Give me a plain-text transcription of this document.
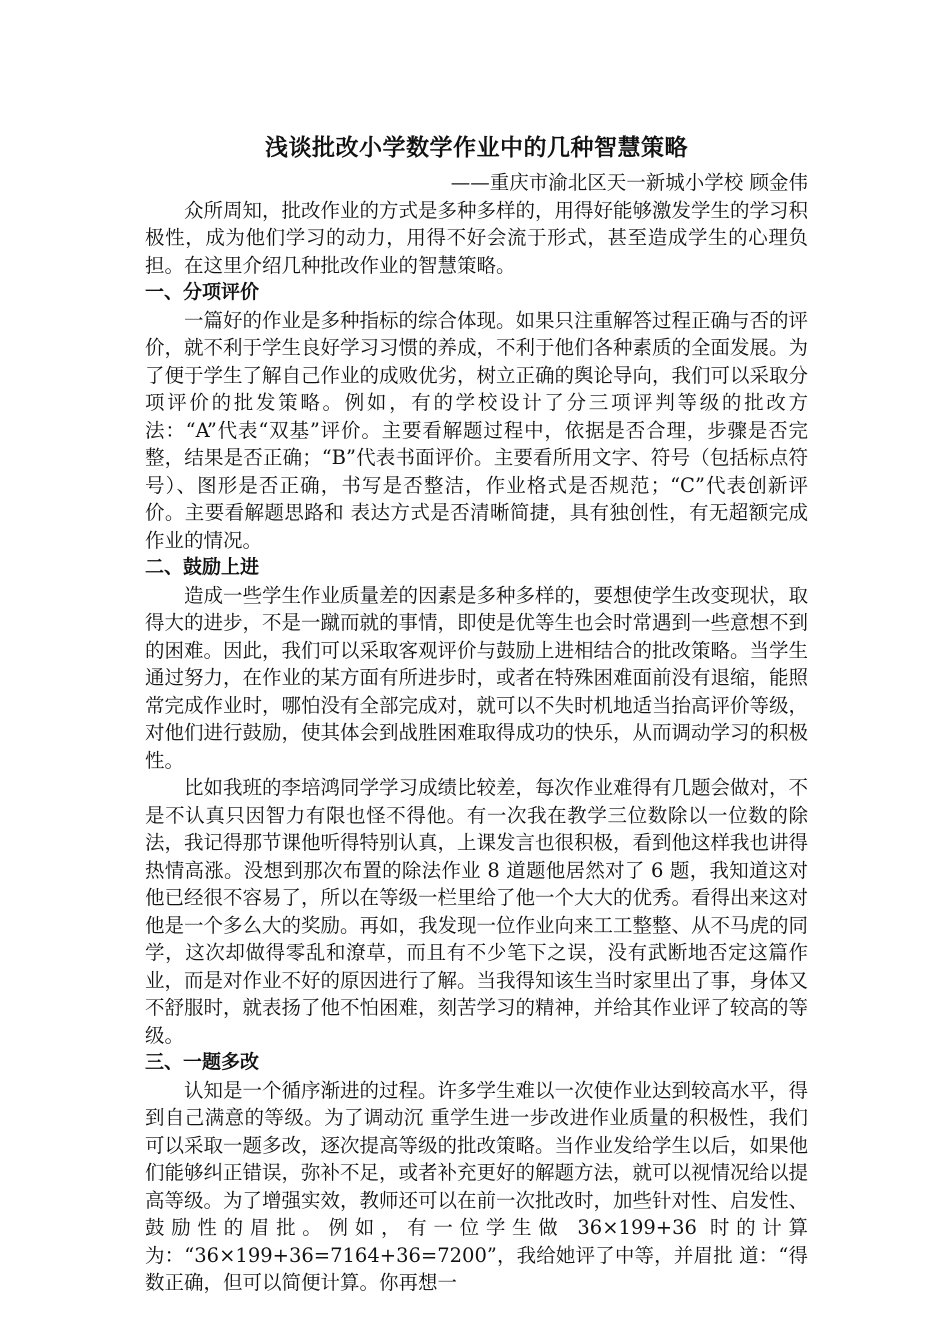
浅谈批改小学数学作业中的几种智慧策略

——重庆市渝北区天一新城小学校 顾金伟

众所周知，批改作业的方式是多种多样的，用得好能够激发学生的学习积极性，成为他们学习的动力，用得不好会流于形式，甚至造成学生的心理负担。在这里介绍几种批改作业的智慧策略。

一、分项评价

一篇好的作业是多种指标的综合体现。如果只注重解答过程正确与否的评价，就不利于学生良好学习习惯的养成，不利于他们各种素质的全面发展。为了便于学生了解自己作业的成败优劣，树立正确的舆论导向，我们可以采取分项评价的批发策略。例如，有的学校设计了分三项评判等级的批改方法：“A”代表“双基”评价。主要看解题过程中，依据是否合理，步骤是否完整，结果是否正确；“B”代表书面评价。主要看所用文字、符号（包括标点符号）、图形是否正确，书写是否整洁，作业格式是否规范；“C”代表创新评价。主要看解题思路和 表达方式是否清晰简捷，具有独创性，有无超额完成作业的情况。

二、鼓励上进

造成一些学生作业质量差的因素是多种多样的，要想使学生改变现状，取得大的进步，不是一蹴而就的事情，即使是优等生也会时常遇到一些意想不到的困难。因此，我们可以采取客观评价与鼓励上进相结合的批改策略。当学生通过努力，在作业的某方面有所进步时，或者在特殊困难面前没有退缩，能照常完成作业时，哪怕没有全部完成对，就可以不失时机地适当抬高评价等级，对他们进行鼓励，使其体会到战胜困难取得成功的快乐，从而调动学习的积极性。

比如我班的李培鸿同学学习成绩比较差，每次作业难得有几题会做对，不是不认真只因智力有限也怪不得他。有一次我在教学三位数除以一位数的除法，我记得那节课他听得特别认真，上课发言也很积极，看到他这样我也讲得热情高涨。没想到那次布置的除法作业 8 道题他居然对了 6 题，我知道这对他已经很不容易了，所以在等级一栏里给了他一个大大的优秀。看得出来这对他是一个多么大的奖励。再如，我发现一位作业向来工工整整、从不马虎的同学，这次却做得零乱和潦草，而且有不少笔下之误，没有武断地否定这篇作业，而是对作业不好的原因进行了解。当我得知该生当时家里出了事，身体又不舒服时，就表扬了他不怕困难，刻苦学习的精神，并给其作业评了较高的等级。

三、一题多改

认知是一个循序渐进的过程。许多学生难以一次使作业达到较高水平，得到自己满意的等级。为了调动沉 重学生进一步改进作业质量的积极性，我们可以采取一题多改，逐次提高等级的批改策略。当作业发给学生以后，如果他们能够纠正错误，弥补不足，或者补充更好的解题方法，就可以视情况给以提高等级。为了增强实效，教师还可以在前一次批改时，加些针对性、启发性、鼓励性的眉批。例如，有一位学生做 36×199+36 时的计算为：“36×199+36=7164+36=7200”，我给她评了中等，并眉批 道：“得数正确，但可以简便计算。你再想一
